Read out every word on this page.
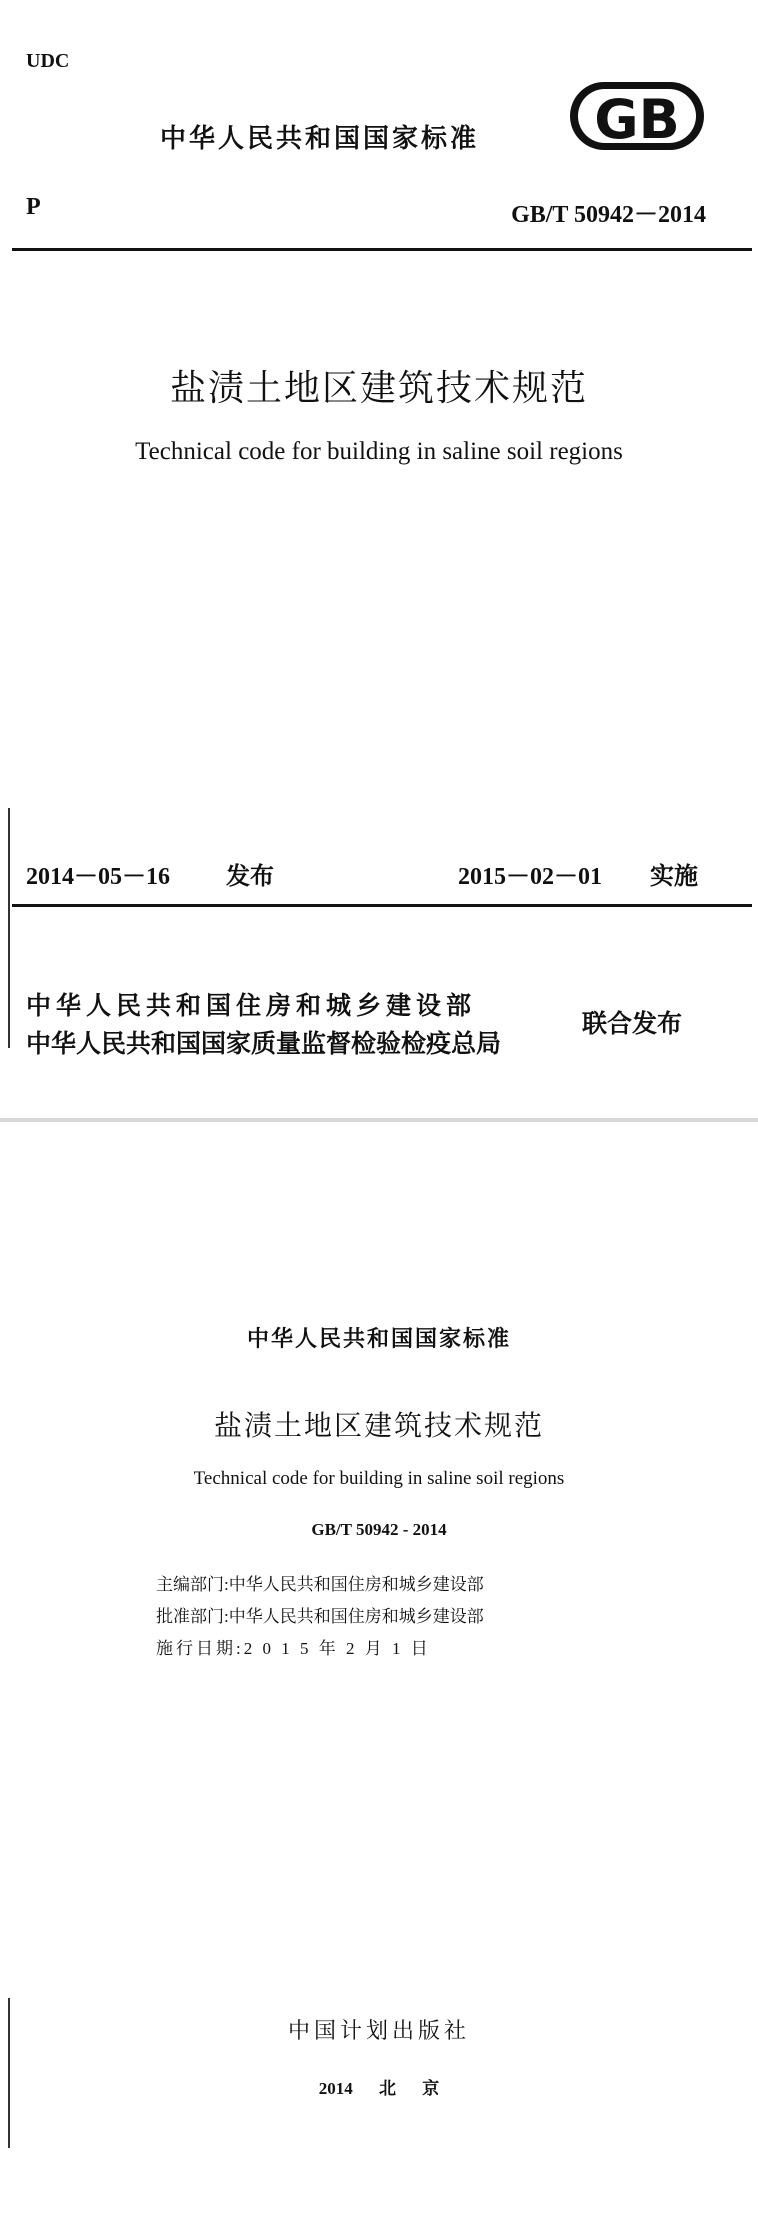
UDC
中华人民共和国国家标准 GB
P	GB/T 50942－2014
盐渍土地区建筑技术规范
Technical code for building in saline soil regions
2014－05－16 发布	2015－02－01 实施
中华人民共和国住房和城乡建设部
中华人民共和国国家质量监督检验检疫总局
联合发布
中华人民共和国国家标准
盐渍土地区建筑技术规范
Technical code for building in saline soil regions
GB/T 50942 - 2014
主编部门:中华人民共和国住房和城乡建设部
批准部门:中华人民共和国住房和城乡建设部
施行日期:2 0 1 5 年 2 月 1 日
中国计划出版社
2014 北 京
